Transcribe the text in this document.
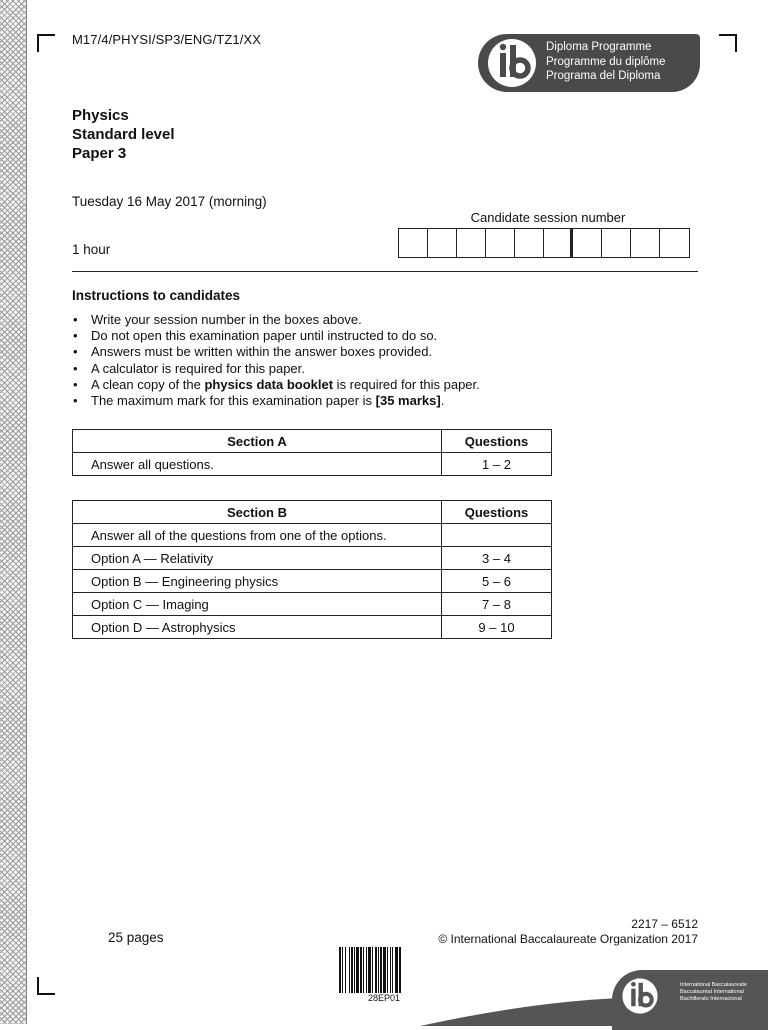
M17/4/PHYSI/SP3/ENG/TZ1/XX	Diploma Programme
Programme du diplôme
Programa del Diploma
Physics
Standard level
Paper 3
Tuesday 16 May 2017 (morning)
1 hour
Candidate session number
Instructions to candidates
• Write your session number in the boxes above.
• Do not open this examination paper until instructed to do so.
• Answers must be written within the answer boxes provided.
• A calculator is required for this paper.
• A clean copy of the physics data booklet is required for this paper.
• The maximum mark for this examination paper is [35 marks].
Section A	Questions
Answer all questions.	1 – 2
Section B	Questions
Answer all of the questions from one of the options.	
Option A — Relativity	3 – 4
Option B — Engineering physics	5 – 6
Option C — Imaging	7 – 8
Option D — Astrophysics	9 – 10
25 pages
2217 – 6512
© International Baccalaureate Organization 2017
28EP01
International Baccalaureate
Baccalauréat International
Bachillerato Internacional
